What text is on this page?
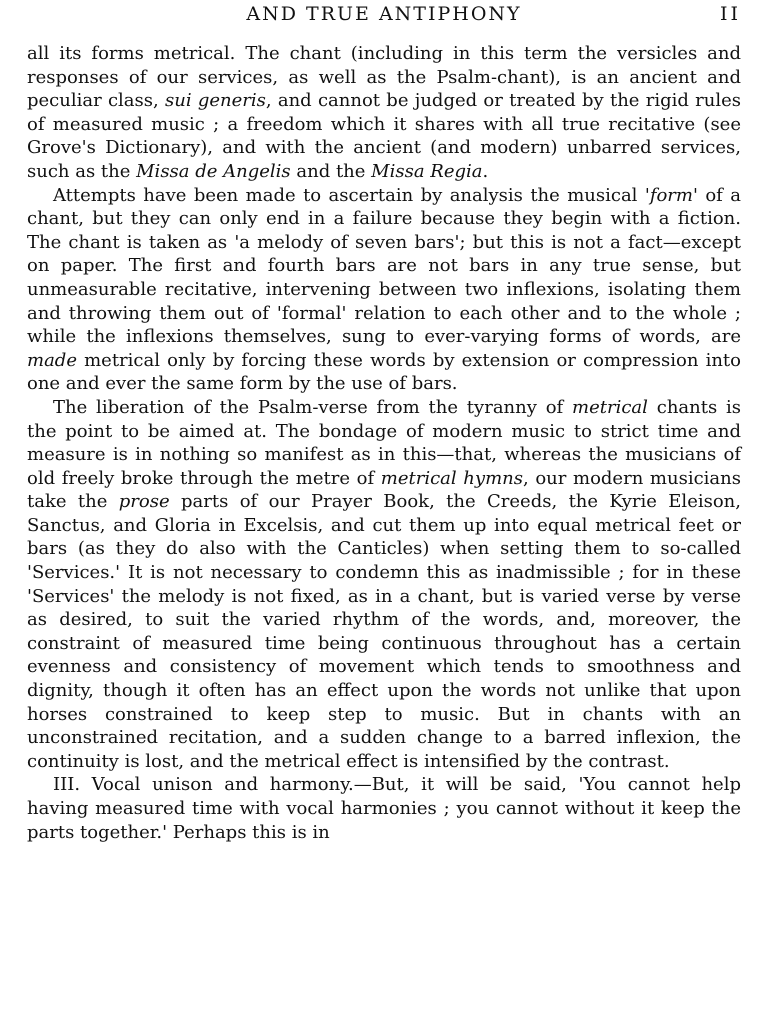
AND TRUE ANTIPHONY	II

all its forms metrical. The chant (including in this term the versicles and responses of our services, as well as the Psalm-chant), is an ancient and peculiar class, sui generis, and cannot be judged or treated by the rigid rules of measured music ; a freedom which it shares with all true recitative (see Grove's Dictionary), and with the ancient (and modern) unbarred services, such as the Missa de Angelis and the Missa Regia.

Attempts have been made to ascertain by analysis the musical 'form' of a chant, but they can only end in a failure because they begin with a fiction. The chant is taken as 'a melody of seven bars'; but this is not a fact—except on paper. The first and fourth bars are not bars in any true sense, but unmeasurable recitative, intervening between two inflexions, isolating them and throwing them out of 'formal' relation to each other and to the whole ; while the inflexions themselves, sung to ever-varying forms of words, are made metrical only by forcing these words by extension or compression into one and ever the same form by the use of bars.

The liberation of the Psalm-verse from the tyranny of metrical chants is the point to be aimed at. The bondage of modern music to strict time and measure is in nothing so manifest as in this—that, whereas the musicians of old freely broke through the metre of metrical hymns, our modern musicians take the prose parts of our Prayer Book, the Creeds, the Kyrie Eleison, Sanctus, and Gloria in Excelsis, and cut them up into equal metrical feet or bars (as they do also with the Canticles) when setting them to so-called 'Services.' It is not necessary to condemn this as inadmissible ; for in these 'Services' the melody is not fixed, as in a chant, but is varied verse by verse as desired, to suit the varied rhythm of the words, and, moreover, the constraint of measured time being continuous throughout has a certain evenness and consistency of movement which tends to smoothness and dignity, though it often has an effect upon the words not unlike that upon horses constrained to keep step to music. But in chants with an unconstrained recitation, and a sudden change to a barred inflexion, the continuity is lost, and the metrical effect is intensified by the contrast.

III. Vocal unison and harmony.—But, it will be said, 'You cannot help having measured time with vocal harmonies ; you cannot without it keep the parts together.' Perhaps this is in
